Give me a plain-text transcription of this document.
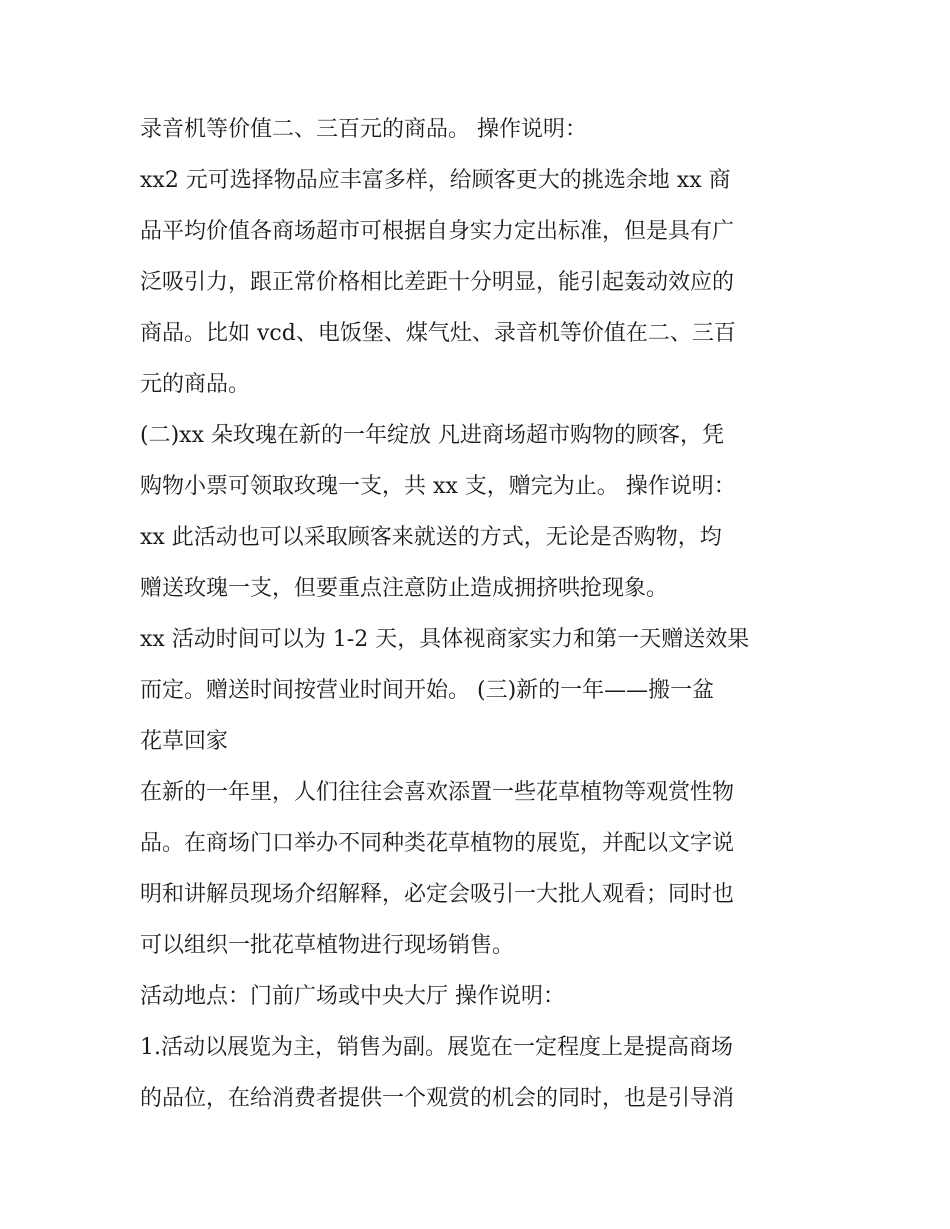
录音机等价值二、三百元的商品。 操作说明：
xx2 元可选择物品应丰富多样，给顾客更大的挑选余地 xx 商
品平均价值各商场超市可根据自身实力定出标准，但是具有广
泛吸引力，跟正常价格相比差距十分明显，能引起轰动效应的
商品。比如 vcd、电饭堡、煤气灶、录音机等价值在二、三百
元的商品。
(二)xx 朵玫瑰在新的一年绽放 凡进商场超市购物的顾客，凭
购物小票可领取玫瑰一支，共 xx 支，赠完为止。 操作说明：
xx 此活动也可以采取顾客来就送的方式，无论是否购物，均
赠送玫瑰一支，但要重点注意防止造成拥挤哄抢现象。
xx 活动时间可以为 1-2 天，具体视商家实力和第一天赠送效果
而定。赠送时间按营业时间开始。 (三)新的一年——搬一盆
花草回家
在新的一年里，人们往往会喜欢添置一些花草植物等观赏性物
品。在商场门口举办不同种类花草植物的展览，并配以文字说
明和讲解员现场介绍解释，必定会吸引一大批人观看；同时也
可以组织一批花草植物进行现场销售。
活动地点：门前广场或中央大厅 操作说明：
1.活动以展览为主，销售为副。展览在一定程度上是提高商场
的品位，在给消费者提供一个观赏的机会的同时，也是引导消
